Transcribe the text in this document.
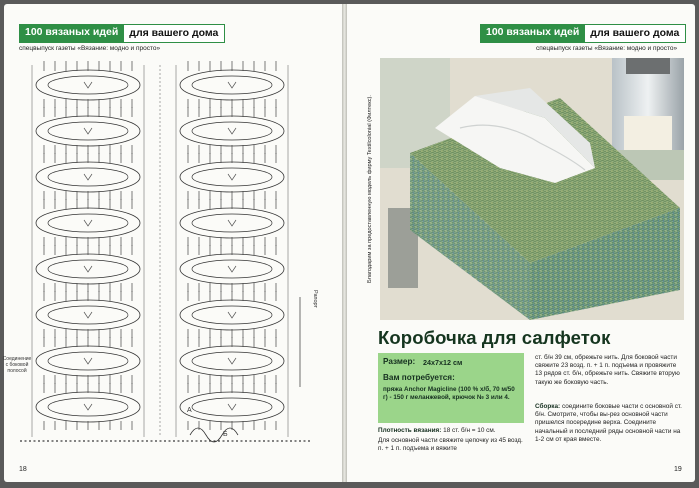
100 вязаных идей	для вашего дома
спецвыпуск газеты «Вязание: модно и просто»
18
Рапорт
Соединение с боковой полосой
А
Б
100 вязаных идей	для вашего дома
спецвыпуск газеты «Вязание: модно и просто»
19
Благодарим за предоставленную модель фирму Textilcolonial (Филтекс).
Коробочка для салфеток
Размер: 24x7x12 см
Вам потребуется:
пряжа Anchor Magicline (100 % х/б, 70 м/50 г) - 150 г меланжевой, крючок № 3 или 4.
Плотность вязания: 18 ст. б/н = 10 см.
Для основной части свяжите цепочку из 45 возд. п. + 1 п. подъема и вяжите
ст. б/н 39 см, обрежьте нить. Для боковой части свяжите 23 возд. п. + 1 п. подъема и провяжите 13 рядов ст. б/н, обрежьте нить. Свяжите вторую такую же боковую часть.
Сборка: соедините боковые части с основной ст. б/н. Смотрите, чтобы вы-рез основной части пришелся посередине верха. Соедините начальный и последний ряды основной части на 1-2 см от края вместе.
